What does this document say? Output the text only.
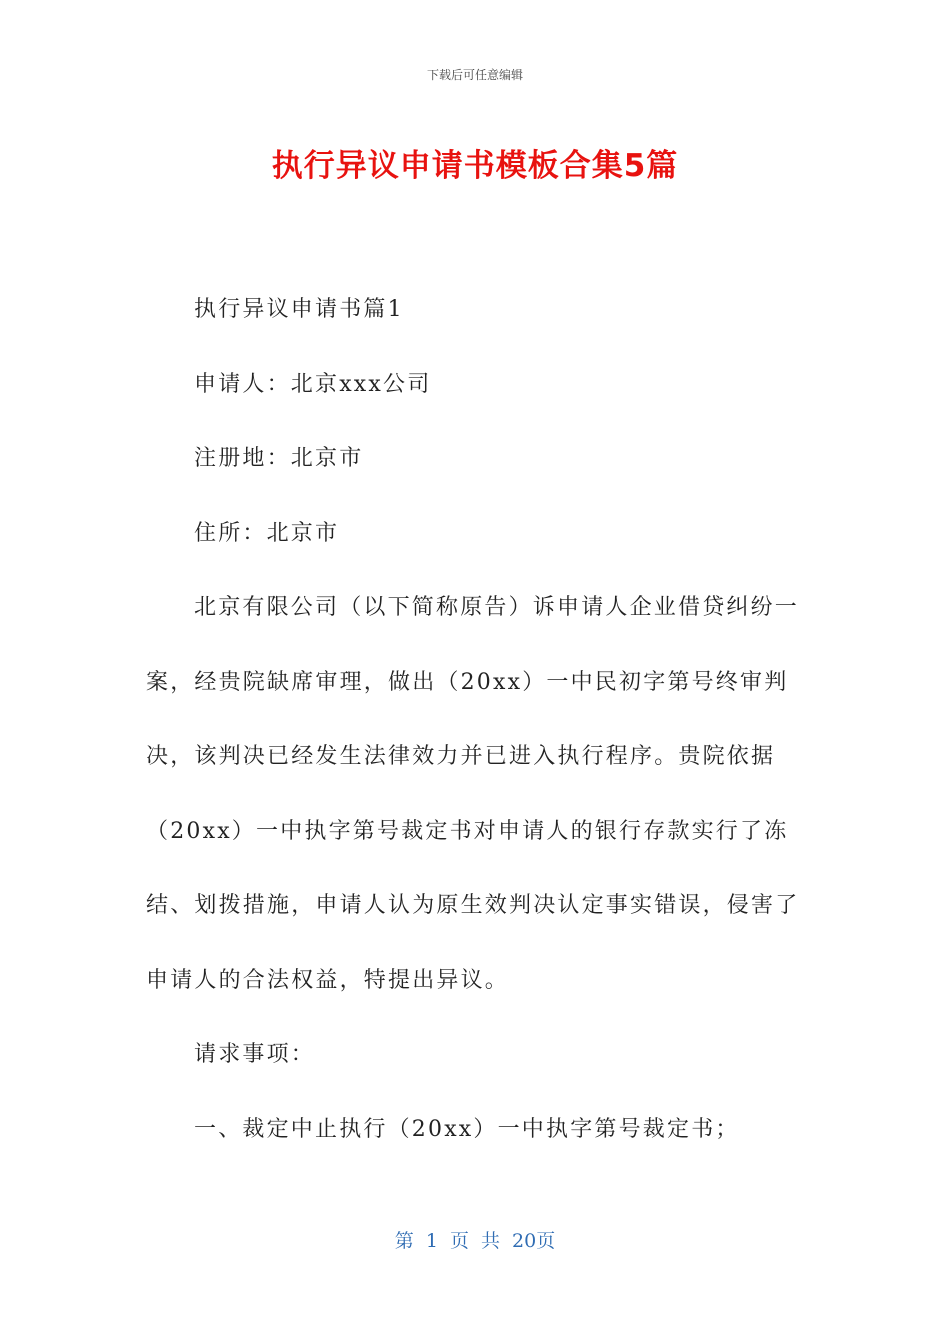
下载后可任意编辑
执行异议申请书模板合集5篇

执行异议申请书篇1

申请人：北京xxx公司

注册地：北京市

住所：北京市

北京有限公司（以下简称原告）诉申请人企业借贷纠纷一案，经贵院缺席审理，做出（20xx）一中民初字第号终审判决，该判决已经发生法律效力并已进入执行程序。贵院依据（20xx）一中执字第号裁定书对申请人的银行存款实行了冻结、划拨措施，申请人认为原生效判决认定事实错误，侵害了申请人的合法权益，特提出异议。

请求事项：

一、裁定中止执行（20xx）一中执字第号裁定书；

第 1 页 共 20页
